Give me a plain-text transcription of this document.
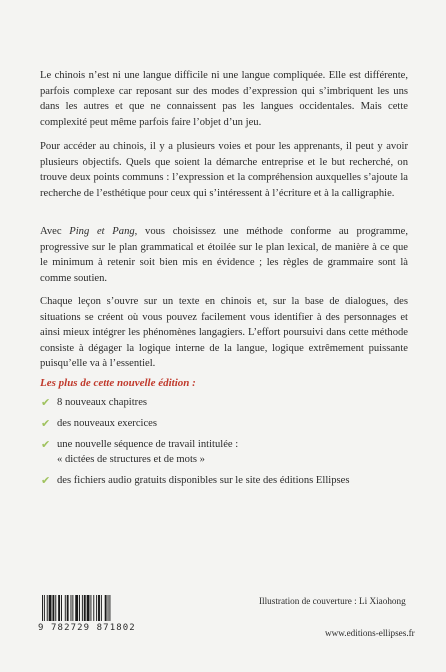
Le chinois n’est ni une langue difficile ni une langue compliquée. Elle est différente, parfois complexe car reposant sur des modes d’expression qui s’imbriquent les uns dans les autres et que ne connaissent pas les langues occidentales. Mais cette complexité peut même parfois faire l’objet d’un jeu.

Pour accéder au chinois, il y a plusieurs voies et pour les apprenants, il peut y avoir plusieurs objectifs. Quels que soient la démarche entreprise et le but recherché, on trouve deux points communs : l’expression et la compréhension auxquelles s’ajoute la recherche de l’esthétique pour ceux qui s’intéressent à l’écriture et à la calligraphie.

Avec Ping et Pang, vous choisissez une méthode conforme au programme, progressive sur le plan grammatical et étoilée sur le plan lexical, de manière à ce que le minimum à retenir soit bien mis en évidence ; les règles de grammaire sont là comme soutien.

Chaque leçon s’ouvre sur un texte en chinois et, sur la base de dialogues, des situations se créent où vous pouvez facilement vous identifier à des personnages et ainsi mieux intégrer les phénomènes langagiers. L’effort poursuivi dans cette méthode consiste à dégager la logique interne de la langue, logique extrêmement puissante puisqu’elle va à l’essentiel.

Les plus de cette nouvelle édition :

✔ 8 nouveaux chapitres
✔ des nouveaux exercices
✔ une nouvelle séquence de travail intitulée :
« dictées de structures et de mots »
✔ des fichiers audio gratuits disponibles sur le site des éditions Ellipses

Illustration de couverture : Li Xiaohong

9 782729 871802	www.editions-ellipses.fr
